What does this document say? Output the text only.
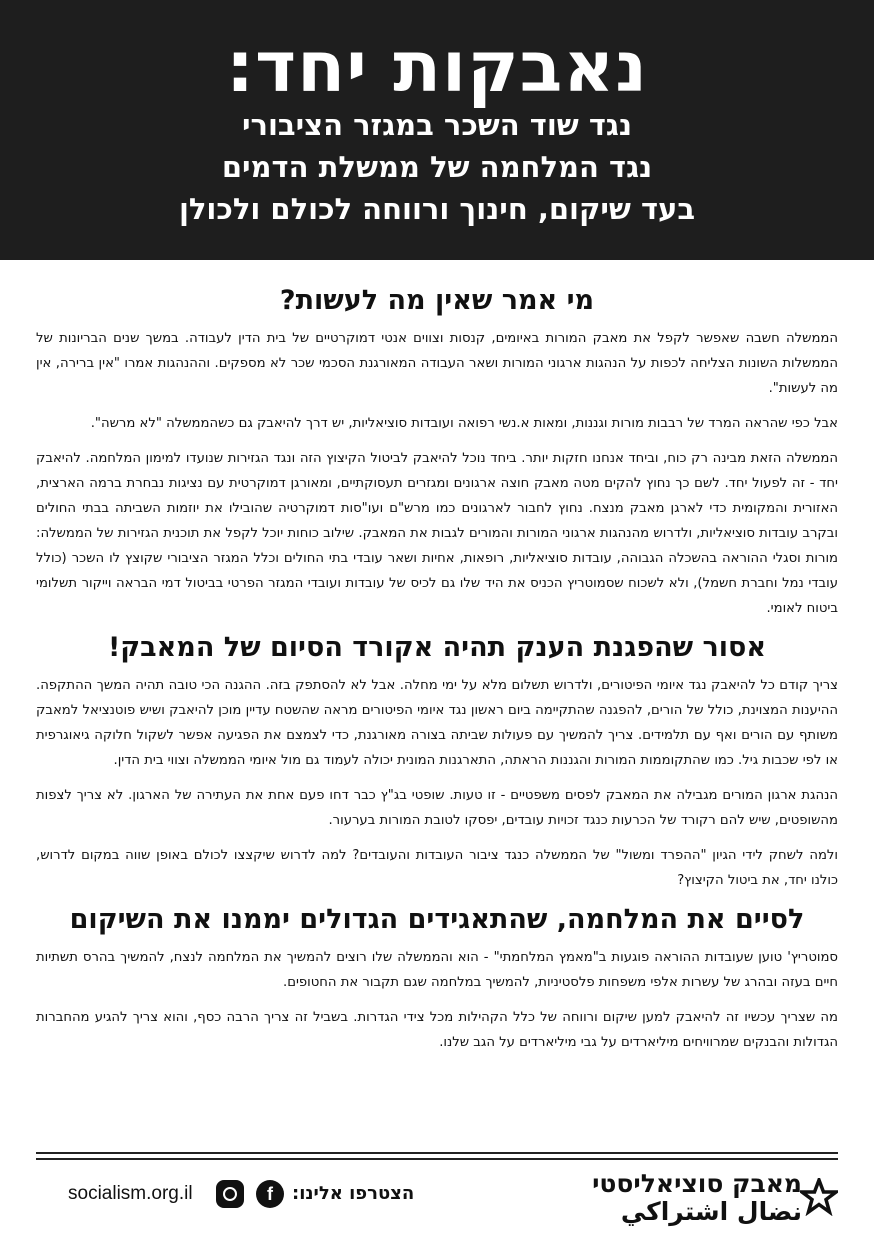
נאבקות יחד:

נגד שוד השכר במגזר הציבורי

נגד המלחמה של ממשלת הדמים

בעד שיקום, חינוך ורווחה לכולם ולכולן

מי אמר שאין מה לעשות?

הממשלה חשבה שאפשר לקפל את מאבק המורות באיומים, קנסות וצווים אנטי דמוקרטיים של בית הדין לעבודה. במשך שנים הבריונות של הממשלות השונות הצליחה לכפות על הנהגות ארגוני המורות ושאר העבודה המאורגנת הסכמי שכר לא מספקים. וההנהגות אמרו "אין ברירה, אין מה לעשות".

אבל כפי שהראה המרד של רבבות מורות וגננות, ומאות א.נשי רפואה ועובדות סוציאליות, יש דרך להיאבק גם כשהממשלה "לא מרשה".

הממשלה הזאת מבינה רק כוח, וביחד אנחנו חזקות יותר. ביחד נוכל להיאבק לביטול הקיצוץ הזה ונגד הגזירות שנועדו למימון המלחמה. להיאבק יחד - זה לפעול יחד. לשם כך נחוץ להקים מטה מאבק חוצה ארגונים ומגזרים תעסוקתיים, ומאורגן דמוקרטית עם נציגות נבחרת ברמה הארצית, האזורית והמקומית כדי לארגן מאבק מנצח. נחוץ לחבור לארגונים כמו מרש"ם ועו"סות דמוקרטיה שהובילו את יוזמות השביתה בבתי החולים ובקרב עובדות סוציאליות, ולדרוש מהנהגות ארגוני המורות והמורים לגבות את המאבק. שילוב כוחות יוכל לקפל את תוכנית הגזירות של הממשלה: מורות וסגלי ההוראה בהשכלה הגבוהה, עובדות סוציאליות, רופאות, אחיות ושאר עובדי בתי החולים וכלל המגזר הציבורי שקוצץ לו השכר (כולל עובדי נמל וחברת חשמל), ולא לשכוח שסמוטריץ הכניס את היד שלו גם לכיס של עובדות ועובדי המגזר הפרטי בביטול דמי הבראה וייקור תשלומי ביטוח לאומי.

אסור שהפגנת הענק תהיה אקורד הסיום של המאבק!

צריך קודם כל להיאבק נגד איומי הפיטורים, ולדרוש תשלום מלא על ימי מחלה. אבל לא להסתפק בזה. ההגנה הכי טובה תהיה המשך ההתקפה. ההיענות המצוינת, כולל של הורים, להפגנה שהתקיימה ביום ראשון נגד איומי הפיטורים מראה שהשטח עדיין מוכן להיאבק ושיש פוטנציאל למאבק משותף עם הורים ואף עם תלמידים. צריך להמשיך עם פעולות שביתה בצורה מאורגנת, כדי לצמצם את הפגיעה אפשר לשקול חלוקה גיאוגרפית או לפי שכבות גיל. כמו שהתקוממות המורות והגננות הראתה, התארגנות המונית יכולה לעמוד גם מול איומי הממשלה וצווי בית הדין.

הנהגת ארגון המורים מגבילה את המאבק לפסים משפטיים - זו טעות. שופטי בג"ץ כבר דחו פעם אחת את העתירה של הארגון. לא צריך לצפות מהשופטים, שיש להם רקורד של הכרעות כנגד זכויות עובדים, יפסקו לטובת המורות בערעור.

ולמה לשחק לידי הגיון "ההפרד ומשול" של הממשלה כנגד ציבור העובדות והעובדים? למה לדרוש שיקצצו לכולם באופן שווה במקום לדרוש, כולנו יחד, את ביטול הקיצוץ?

לסיים את המלחמה, שהתאגידים הגדולים יממנו את השיקום

סמוטריץ' טוען שעובדות ההוראה פוגעות ב"מאמץ המלחמתי" - הוא והממשלה שלו רוצים להמשיך את המלחמה לנצח, להמשיך בהרס תשתיות חיים בעזה ובהרג של עשרות אלפי משפחות פלסטיניות, להמשיך במלחמה שגם תקבור את החטופים.

מה שצריך עכשיו זה להיאבק למען שיקום ורווחה של כלל הקהילות מכל צידי הגדרות. בשביל זה צריך הרבה כסף, והוא צריך להגיע מהחברות הגדולות והבנקים שמרוויחים מיליארדים על גבי מיליארדים על הגב שלנו.

socialism.org.il	f	הצטרפו אלינו:	מאבק סוציאליסטי
نضال اشتراكي
